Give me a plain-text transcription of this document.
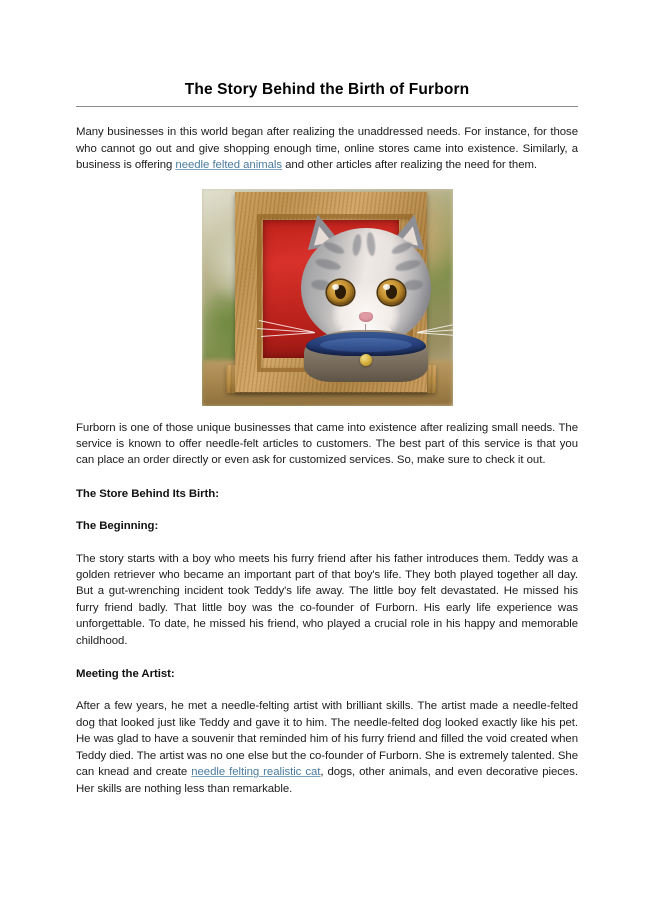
The Story Behind the Birth of Furborn

Many businesses in this world began after realizing the unaddressed needs. For instance, for those who cannot go out and give shopping enough time, online stores came into existence. Similarly, a business is offering needle felted animals and other articles after realizing the need for them.

Furborn is one of those unique businesses that came into existence after realizing small needs. The service is known to offer needle-felt articles to customers. The best part of this service is that you can place an order directly or even ask for customized services. So, make sure to check it out.

The Store Behind Its Birth:

The Beginning:

The story starts with a boy who meets his furry friend after his father introduces them. Teddy was a golden retriever who became an important part of that boy's life. They both played together all day. But a gut-wrenching incident took Teddy's life away. The little boy felt devastated. He missed his furry friend badly. That little boy was the co-founder of Furborn. His early life experience was unforgettable. To date, he missed his friend, who played a crucial role in his happy and memorable childhood.

Meeting the Artist:

After a few years, he met a needle-felting artist with brilliant skills. The artist made a needle-felted dog that looked just like Teddy and gave it to him. The needle-felted dog looked exactly like his pet. He was glad to have a souvenir that reminded him of his furry friend and filled the void created when Teddy died. The artist was no one else but the co-founder of Furborn. She is extremely talented. She can knead and create needle felting realistic cat, dogs, other animals, and even decorative pieces. Her skills are nothing less than remarkable.
